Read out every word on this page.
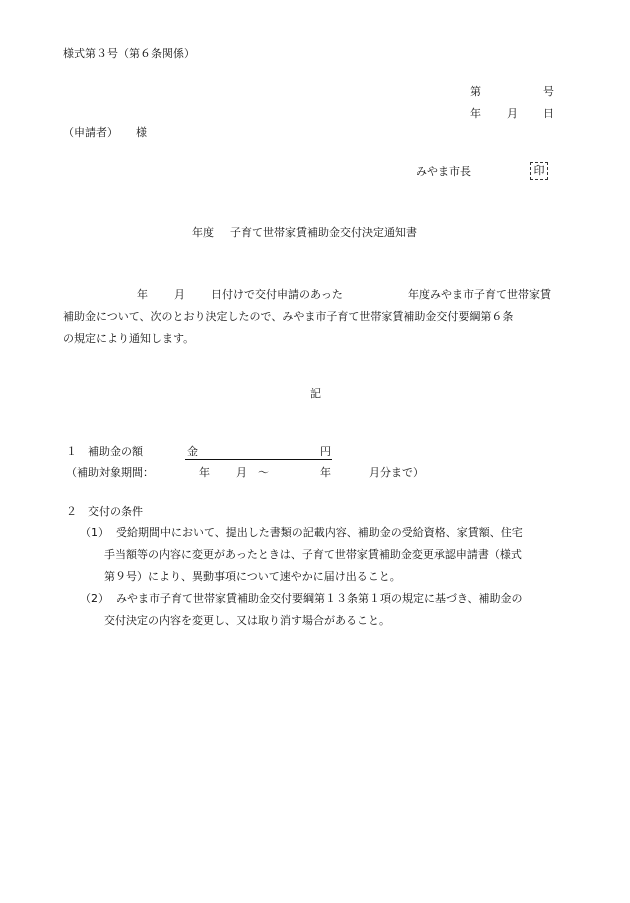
様式第３号（第６条関係）
第	号
年 月 日
（申請者） 様
みやま市長	印
年度 子育て世帯家賃補助金交付決定通知書
年 月 日付けで交付申請のあった	年度みやま市子育て世帯家賃
補助金について、次のとおり決定したので、みやま市子育て世帯家賃補助金交付要綱第６条
の規定により通知します。
記
１　補助金の額	金	円
（補助対象期間：	年 月 ～	年	月分まで）
２　交付の条件
（1） 受給期間中において、提出した書類の記載内容、補助金の受給資格、家賃額、住宅
手当額等の内容に変更があったときは、子育て世帯家賃補助金変更承認申請書（様式
第９号）により、異動事項について速やかに届け出ること。
（2） みやま市子育て世帯家賃補助金交付要綱第１３条第１項の規定に基づき、補助金の
交付決定の内容を変更し、又は取り消す場合があること。
